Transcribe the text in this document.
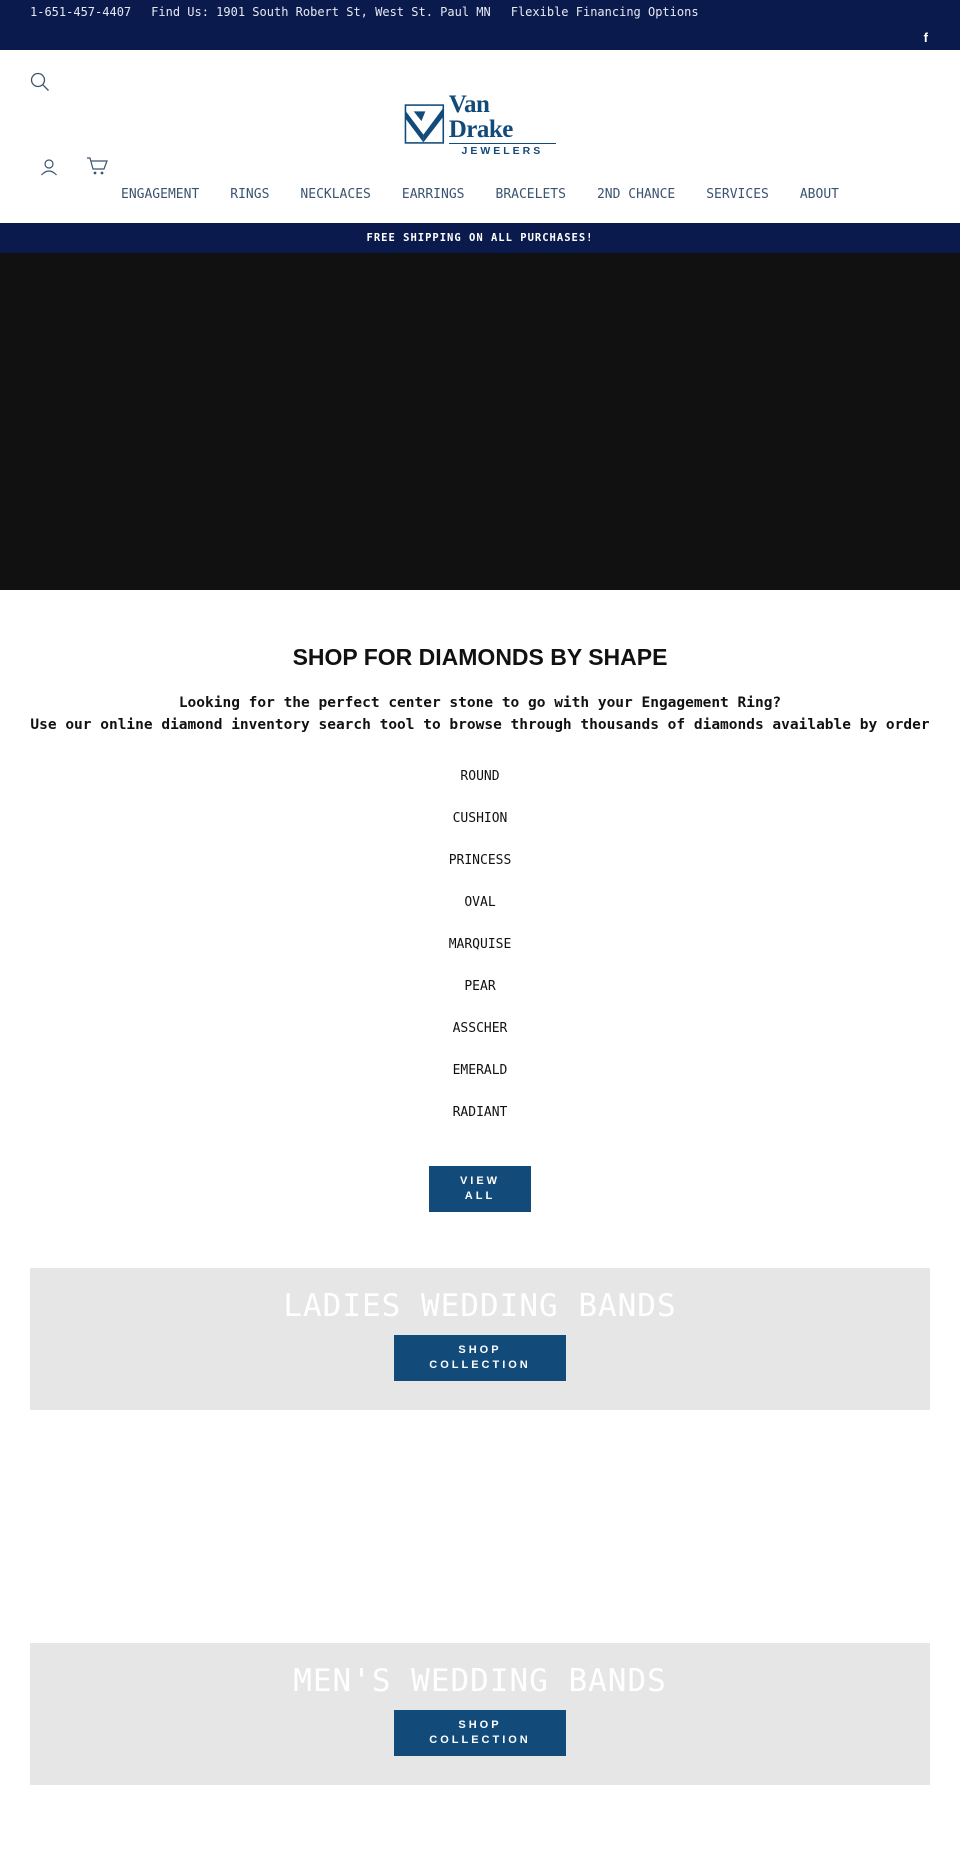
1-651-457-4407 Find Us: 1901 South Robert St, West St. Paul MN Flexible Financing Options
f
Van Drake
JEWELERS
ENGAGEMENT RINGS NECKLACES EARRINGS BRACELETS 2ND CHANCE SERVICES ABOUT
FREE SHIPPING ON ALL PURCHASES!
SHOP FOR DIAMONDS BY SHAPE
Looking for the perfect center stone to go with your Engagement Ring?
Use our online diamond inventory search tool to browse through thousands of diamonds available by order
ROUND
CUSHION
PRINCESS
OVAL
MARQUISE
PEAR
ASSCHER
EMERALD
RADIANT
VIEW
ALL
LADIES WEDDING BANDS
SHOP
COLLECTION
MEN'S WEDDING BANDS
SHOP
COLLECTION
